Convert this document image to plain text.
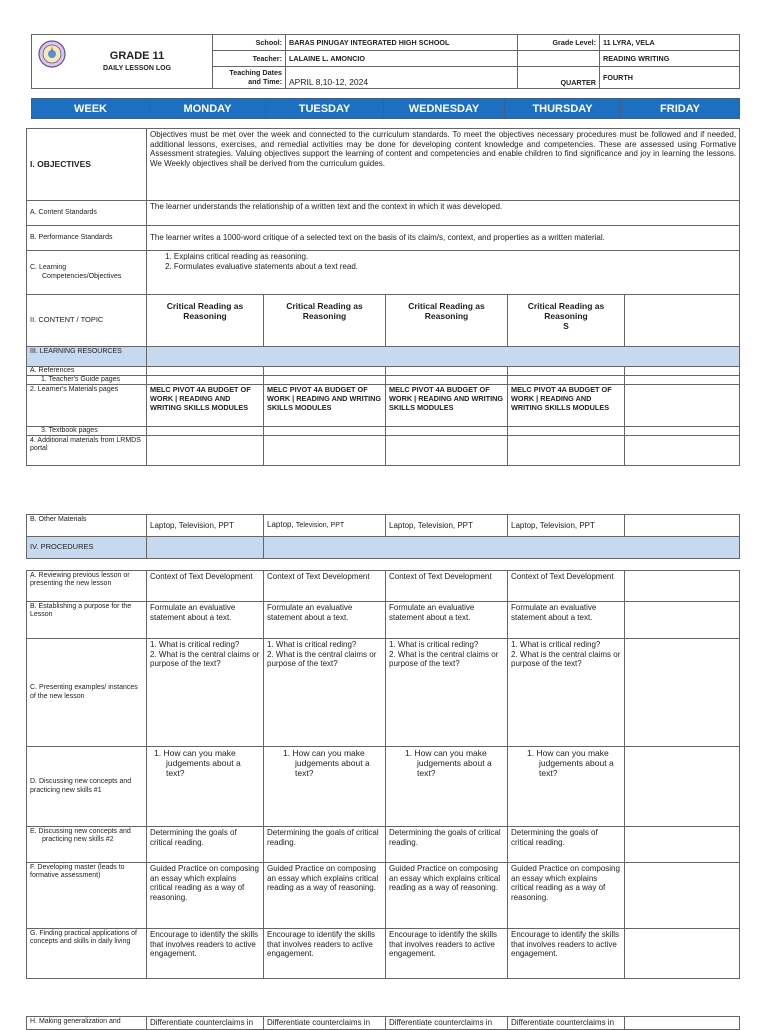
GRADE 11
DAILY LESSON LOG	School:	BARAS PINUGAY INTEGRATED HIGH SCHOOL	Grade Level:	11 LYRA, VELA
	Teacher:	LALAINE L. AMONCIO		READING WRITING
	Teaching Dates
and Time:	APRIL 8,10-12, 2024	QUARTER	FOURTH

WEEK	MONDAY	TUESDAY	WEDNESDAY	THURSDAY	FRIDAY
I. OBJECTIVES	Objectives must be met over the week and connected to the curriculum standards. To meet the objectives necessary procedures must be followed and if needed, additional lessons, exercises, and remedial activities may be done for developing content knowledge and competencies. These are assessed using Formative Assessment strategies. Valuing objectives support the learning of content and competencies and enable children to find significance and joy in learning the lessons. We Weekly objectives shall be derived from the curriculum guides.				
A. Content Standards	The learner understands the relationship of a written text and the context in which it was developed.				
B. Performance Standards	The learner writes a 1000-word critique of a selected text on the basis of its claim/s, context, and properties as a written material.				
C. Learning
Competencies/Objectives	1. Explains critical reading as reasoning.
2. Formulates evaluative statements about a text read.				

II. CONTENT / TOPIC	Critical Reading as Reasoning	Critical Reading as Reasoning	Critical Reading as Reasoning	Critical Reading as
Reasoning
S	
III. LEARNING RESOURCES					
A. References					
1. Teacher's Guide pages					
2. Learner's Materials pages	MELC PIVOT 4A BUDGET OF WORK | READING AND WRITING SKILLS MODULES	MELC PIVOT 4A BUDGET OF WORK | READING AND WRITING SKILLS MODULES	MELC PIVOT 4A BUDGET OF WORK | READING AND WRITING SKILLS MODULES	MELC PIVOT 4A BUDGET OF WORK | READING AND WRITING SKILLS MODULES	
3. Textbook pages					
4. Additional materials from LRMDS portal					
B. Other Materials	Laptop, Television, PPT	Laptop, Television, PPT	Laptop, Television, PPT	Laptop, Television, PPT	
IV. PROCEDURES					
A. Reviewing previous lesson or presenting the new lesson	Context of Text Development	Context of Text Development	Context of Text Development	Context of Text Development	
B. Establishing a purpose for the Lesson	Formulate an evaluative statement about a text.	Formulate an evaluative statement about a text.	Formulate an evaluative statement about a text.	Formulate an evaluative statement about a text.	
C. Presenting examples/ instances of the new lesson	1. What is critical reding?
2. What is the central claims or purpose of the text?	1. What is critical reding?
2. What is the central claims or purpose of the text?	1. What is critical reding?
2. What is the central claims or purpose of the text?	1. What is critical reding?
2. What is the central claims or purpose of the text?	
D. Discussing new concepts and practicing new skills #1	1. How can you make judgements about a text?	1. How can you make judgements about a text?	1. How can you make judgements about a text?	1. How can you make judgements about a text?	

E. Discussing new concepts and
practicing new skills #2	Determining the goals of critical reading.	Determining the goals of critical reading.	Determining the goals of critical reading.	Determining the goals of critical reading.	
F. Developing master (leads to formative assessment)	Guided Practice on composing an essay which explains critical reading as a way of reasoning.	Guided Practice on composing an essay which explains critical reading as a way of reasoning.	Guided Practice on composing an essay which explains critical reading as a way of reasoning.	Guided Practice on composing an essay which explains critical reading as a way of reasoning.	
G. Finding practical applications of concepts and skills in daily living	Encourage to identify the skills that involves readers to active engagement.	Encourage to identify the skills that involves readers to active engagement.	Encourage to identify the skills that involves readers to active engagement.	Encourage to identify the skills that involves readers to active engagement.	
H. Making generalization and	Differentiate counterclaims in	Differentiate counterclaims in	Differentiate counterclaims in	Differentiate counterclaims in	
